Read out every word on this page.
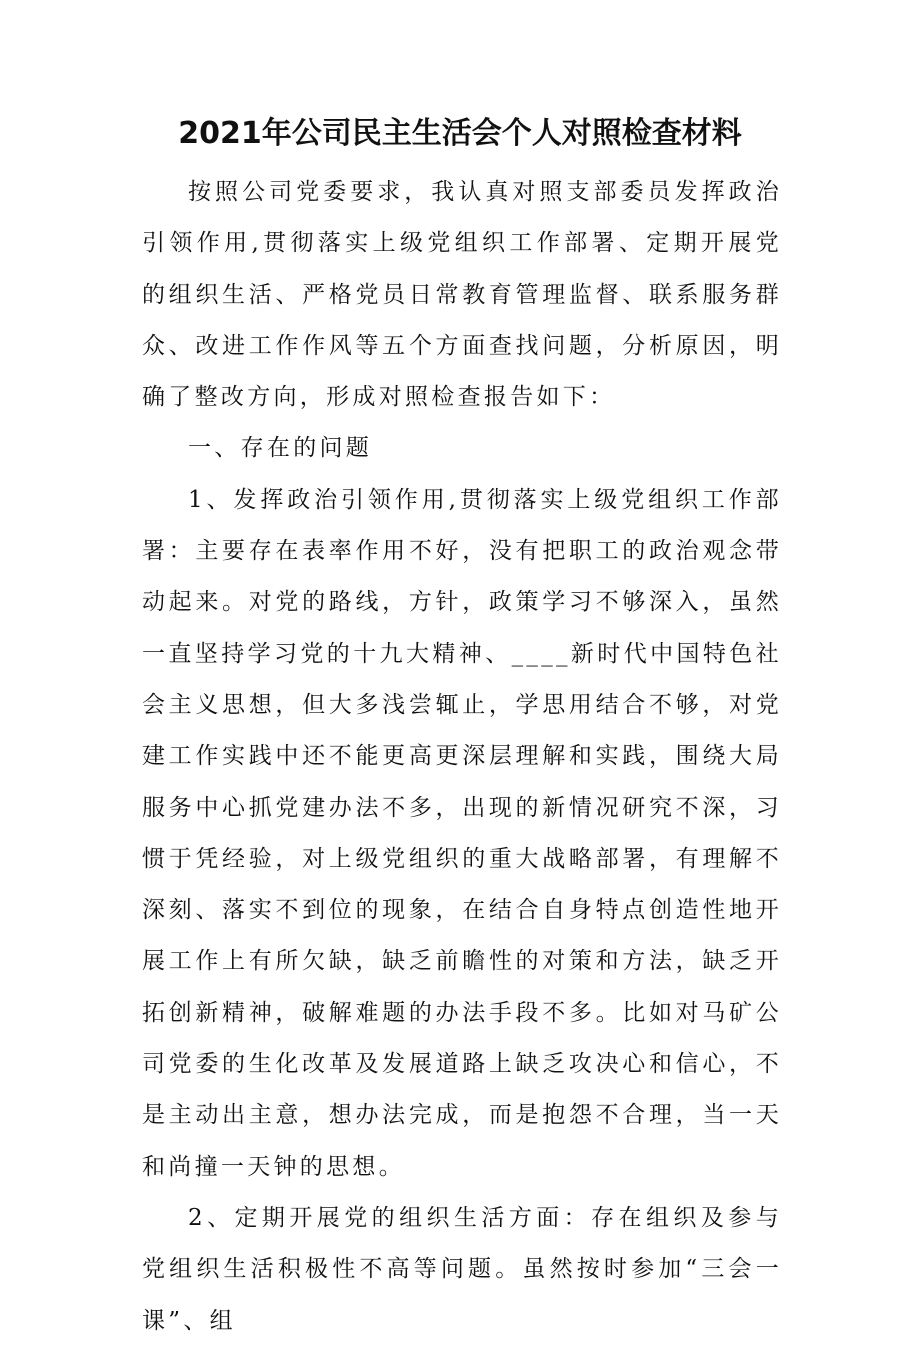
2021年公司民主生活会个人对照检查材料

按照公司党委要求，我认真对照支部委员发挥政治引领作用,贯彻落实上级党组织工作部署、定期开展党的组织生活、严格党员日常教育管理监督、联系服务群众、改进工作作风等五个方面查找问题，分析原因，明确了整改方向，形成对照检查报告如下：

一、存在的问题

1、发挥政治引领作用,贯彻落实上级党组织工作部署：主要存在表率作用不好，没有把职工的政治观念带动起来。对党的路线，方针，政策学习不够深入，虽然一直坚持学习党的十九大精神、____新时代中国特色社会主义思想，但大多浅尝辄止，学思用结合不够，对党建工作实践中还不能更高更深层理解和实践，围绕大局服务中心抓党建办法不多，出现的新情况研究不深，习惯于凭经验，对上级党组织的重大战略部署，有理解不深刻、落实不到位的现象，在结合自身特点创造性地开展工作上有所欠缺，缺乏前瞻性的对策和方法，缺乏开拓创新精神，破解难题的办法手段不多。比如对马矿公司党委的生化改革及发展道路上缺乏攻决心和信心，不是主动出主意，想办法完成，而是抱怨不合理，当一天和尚撞一天钟的思想。

2、定期开展党的组织生活方面：存在组织及参与党组织生活积极性不高等问题。虽然按时参加“三会一课”、组
